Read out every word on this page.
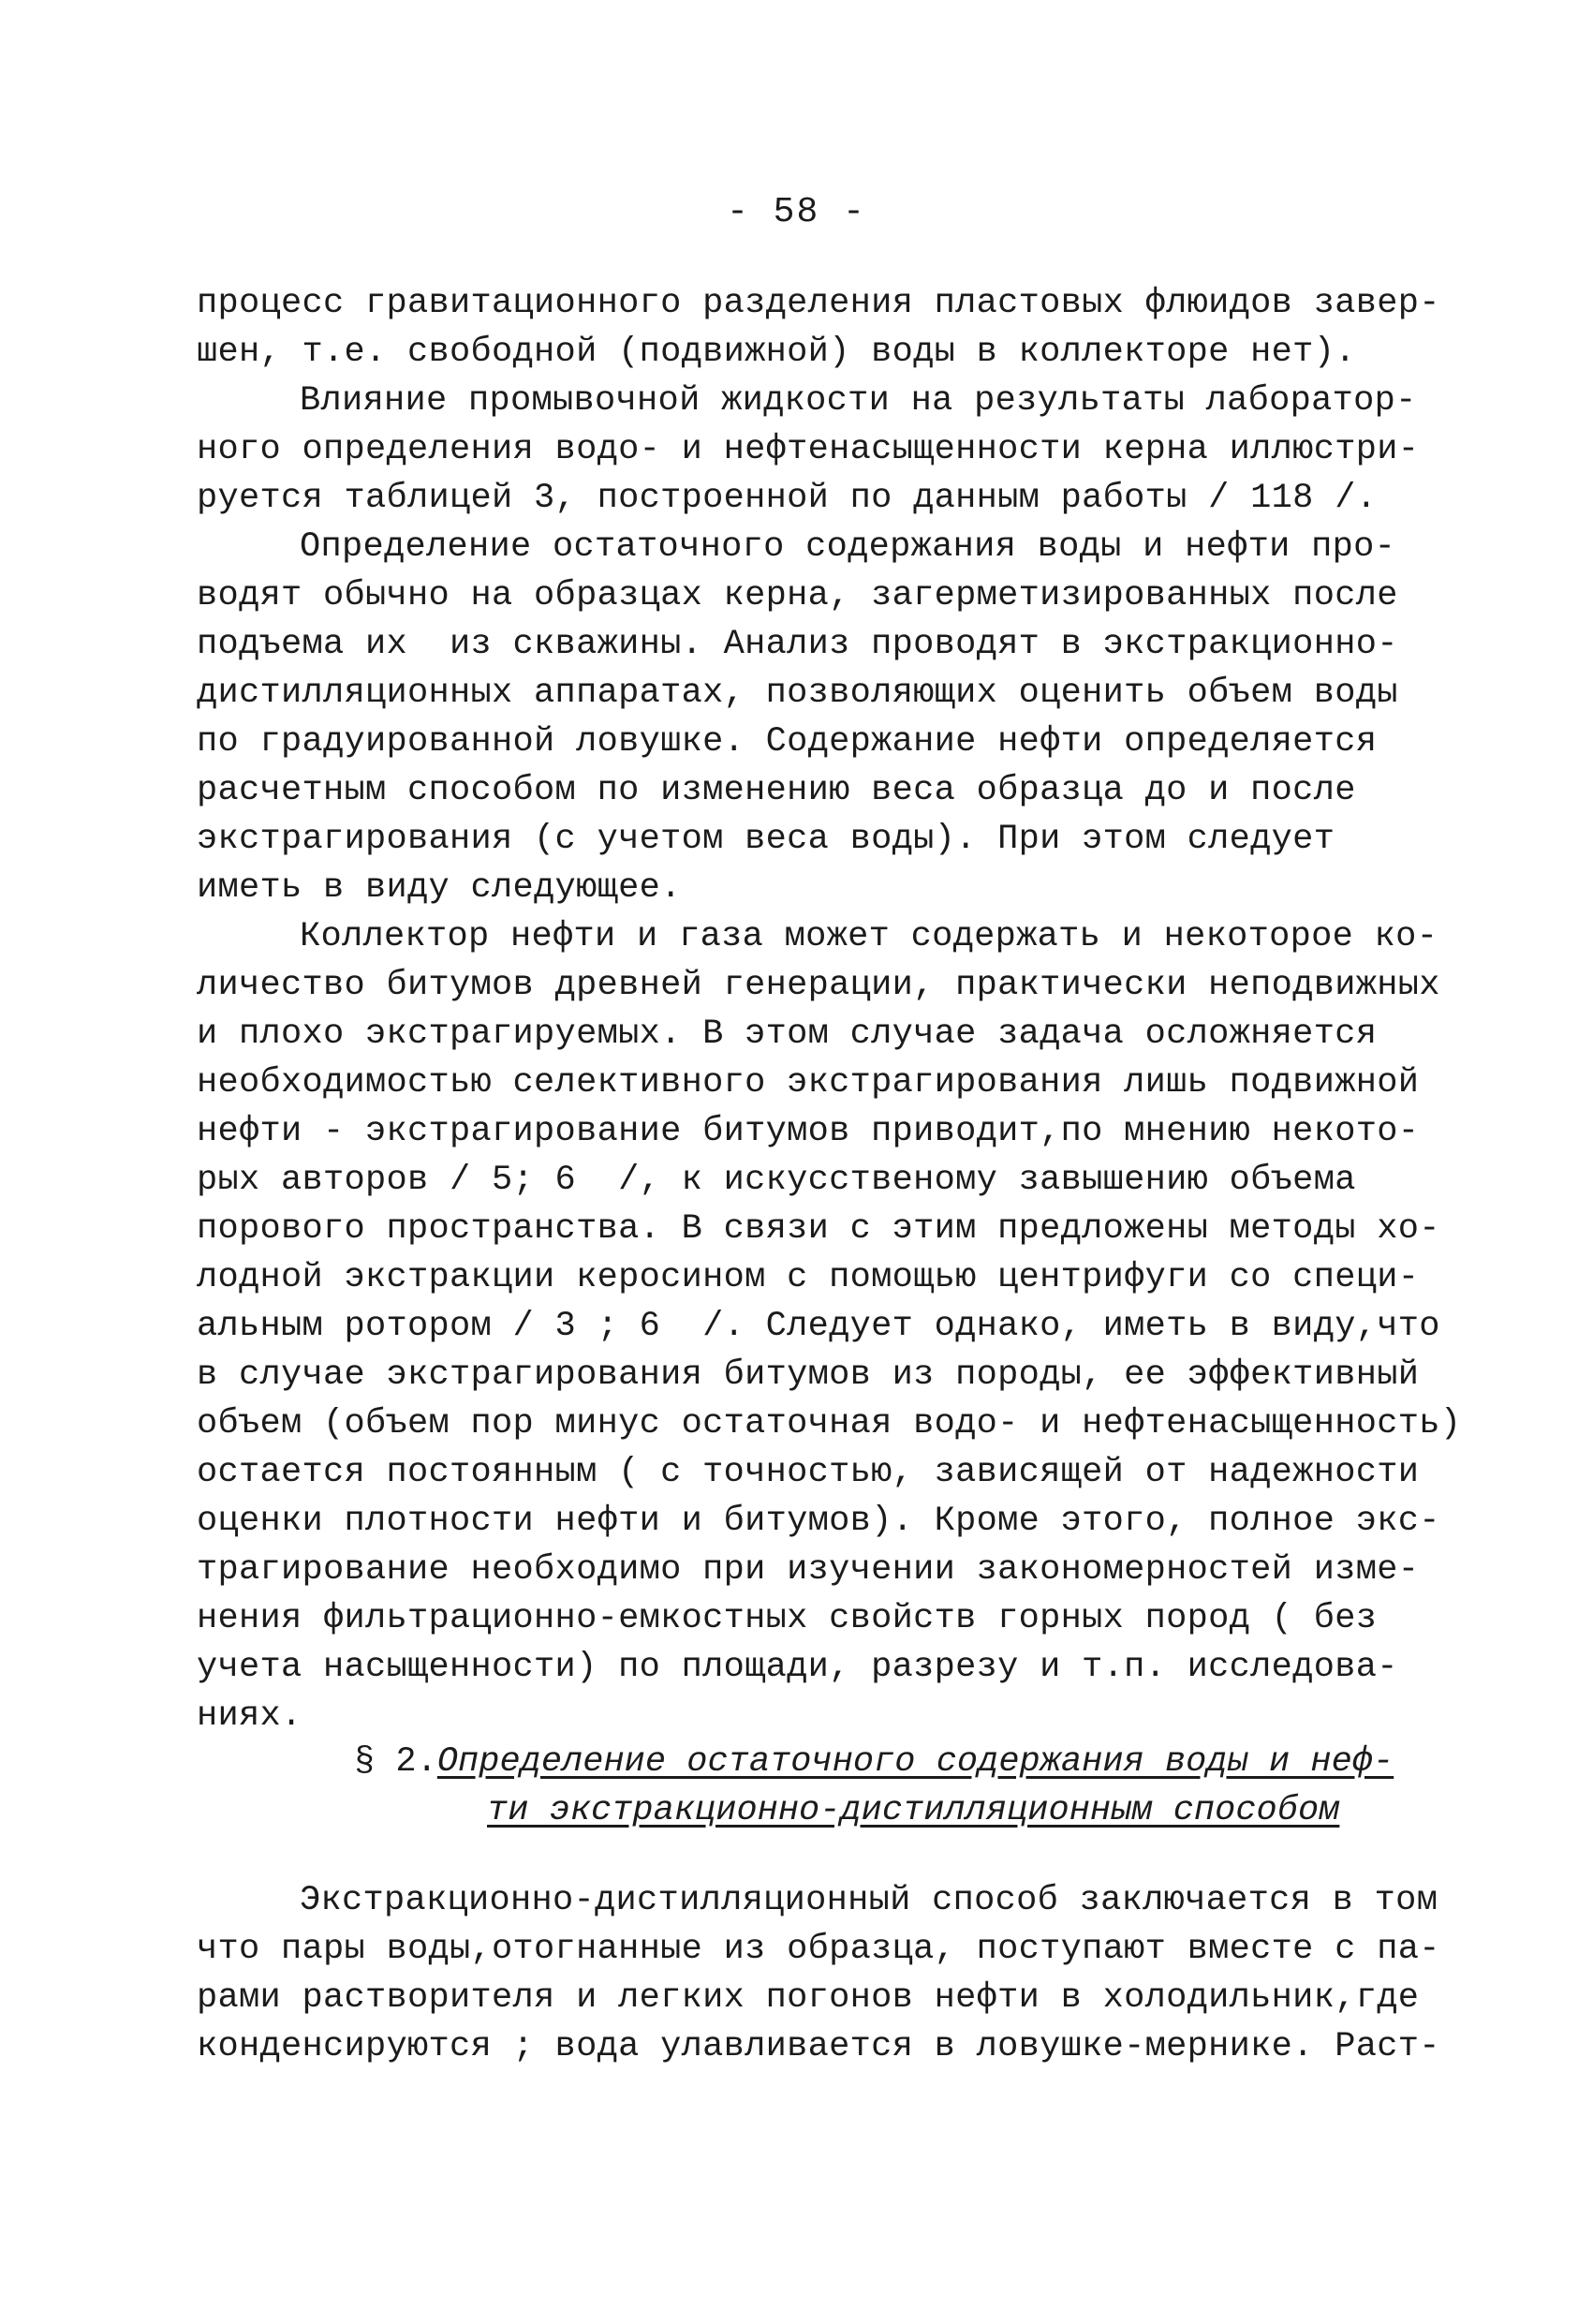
- 58 -
процесс гравитационного разделения пластовых флюидов завер-
шен, т.е. свободной (подвижной) воды в коллекторе нет).
Влияние промывочной жидкости на результаты лаборатор-
ного определения водо- и нефтенасыщенности керна иллюстри-
руется таблицей 3, построенной по данным работы / 118 /.
Определение остаточного содержания воды и нефти про-
водят обычно на образцах керна, загерметизированных после
подъема их  из скважины. Анализ проводят в экстракционно-
дистилляционных аппаратах, позволяющих оценить объем воды
по градуированной ловушке. Содержание нефти определяется
расчетным способом по изменению веса образца до и после
экстрагирования (с учетом веса воды). При этом следует
иметь в виду следующее.
Коллектор нефти и газа может содержать и некоторое ко-
личество битумов древней генерации, практически неподвижных
и плохо экстрагируемых. В этом случае задача осложняется
необходимостью селективного экстрагирования лишь подвижной
нефти - экстрагирование битумов приводит,по мнению некото-
рых авторов / 5; 6  /, к искусственому завышению объема
порового пространства. В связи с этим предложены методы хо-
лодной экстракции керосином с помощью центрифуги со специ-
альным ротором / 3 ; 6  /. Следует однако, иметь в виду,что
в случае экстрагирования битумов из породы, ее эффективный
объем (объем пор минус остаточная водо- и нефтенасыщенность)
остается постоянным ( с точностью, зависящей от надежности
оценки плотности нефти и битумов). Кроме этого, полное экс-
трагирование необходимо при изучении закономерностей изме-
нения фильтрационно-емкостных свойств горных пород ( без
учета насыщенности) по площади, разрезу и т.п. исследова-
ниях.
§ 2.Определение остаточного содержания воды и неф-
ти экстракционно-дистилляционным способом
Экстракционно-дистилляционный способ заключается в том
что пары воды,отогнанные из образца, поступают вместе с па-
рами растворителя и легких погонов нефти в холодильник,где
конденсируются ; вода улавливается в ловушке-мернике. Раст-
